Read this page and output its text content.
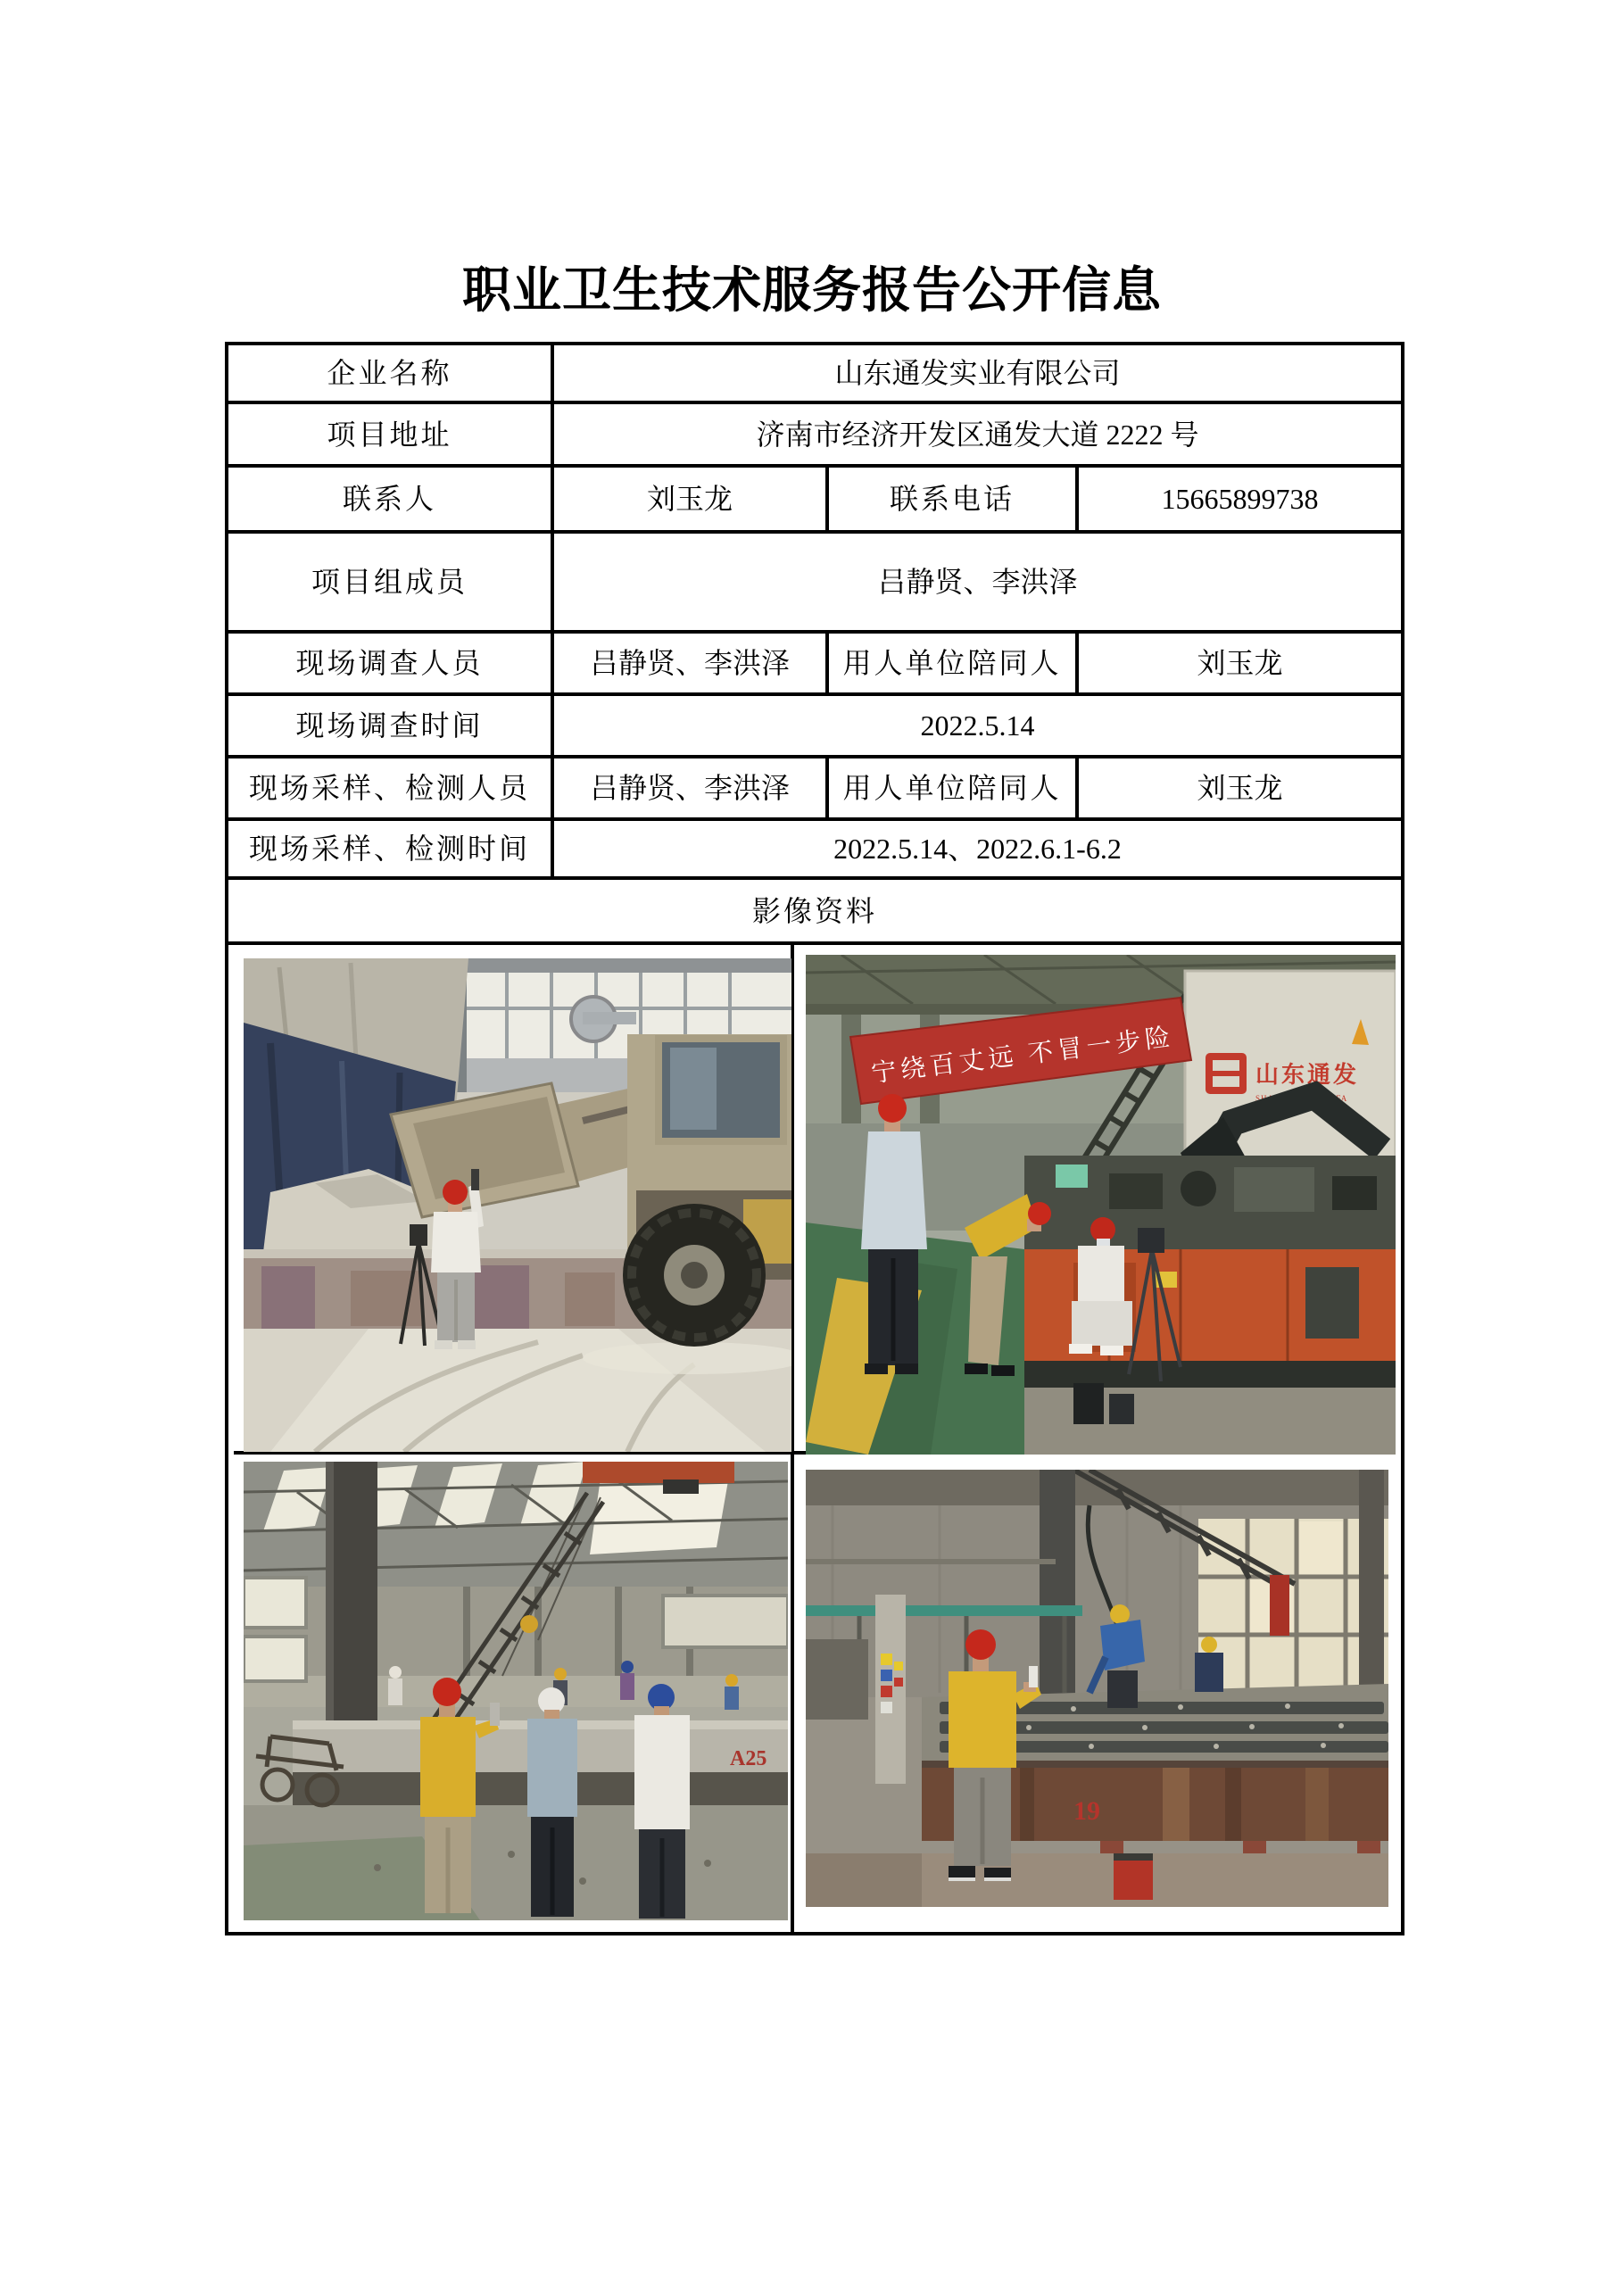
职业卫生技术服务报告公开信息
企业名称	山东通发实业有限公司		
项目地址	济南市经济开发区通发大道 2222 号		
联系人	刘玉龙	联系电话	15665899738
项目组成员	吕静贤、李洪泽		
现场调查人员	吕静贤、李洪泽	用人单位陪同人	刘玉龙
现场调查时间	2022.5.14		
现场采样、检测人员	吕静贤、李洪泽	用人单位陪同人	刘玉龙
现场采样、检测时间	2022.5.14、2022.6.1-6.2		
影像资料			

山东通发
SHANDONG TONGFA
宁绕百丈远 不冒一步险
A25
19			
